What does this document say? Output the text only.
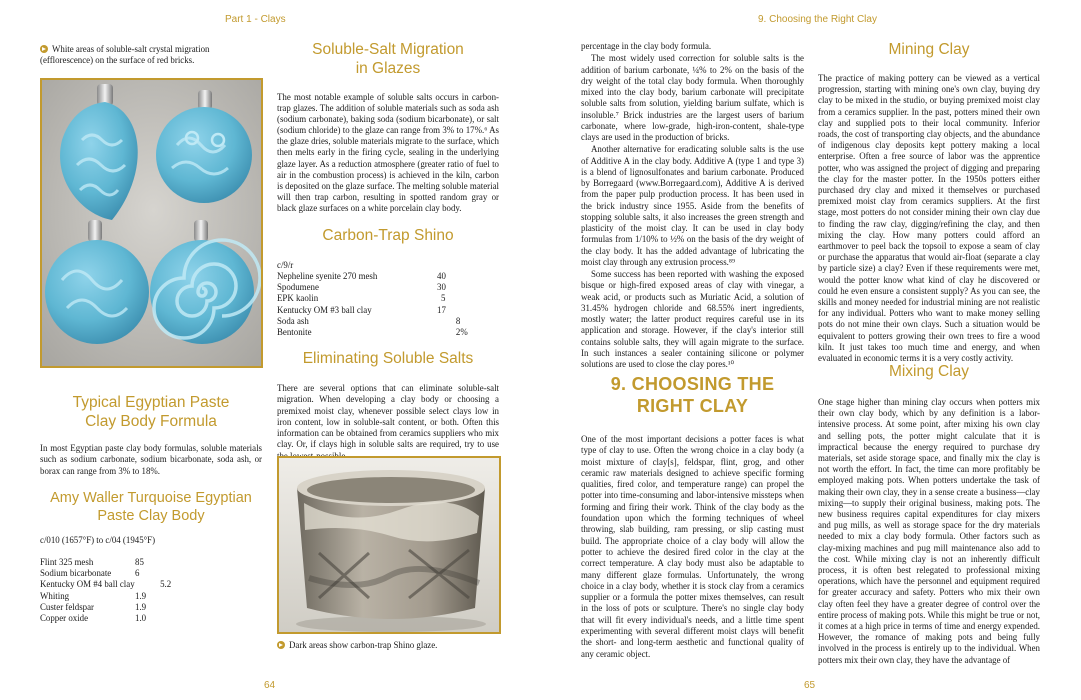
Part 1 - Clays	9. Choosing the Right Clay
White areas of soluble-salt crystal migration (efflorescence) on the surface of red bricks.
Typical Egyptian Paste
Clay Body Formula
In most Egyptian paste clay body formulas, soluble materials such as sodium carbonate, sodium bicarbonate, soda ash, or borax can range from 3% to 18%.
Amy Waller Turquoise Egyptian
Paste Clay Body
c/010 (1657°F) to c/04 (1945°F)
Flint 325 mesh	85	
Sodium bicarbonate	6	
Kentucky OM #4 ball clay		5.2
Whiting	1.9	
Custer feldspar	1.9	
Copper oxide	1.0	
Soluble-Salt Migration
in Glazes
The most notable example of soluble salts occurs in carbon-trap glazes. The addition of soluble materials such as soda ash (sodium carbonate), baking soda (sodium bicarbonate), or salt (sodium chloride) to the glaze can range from 3% to 17%.⁶ As the glaze dries, soluble materials migrate to the surface, which then melts early in the firing cycle, sealing in the underlying glaze layer. As a reduction atmosphere (greater ratio of fuel to air in the combustion process) is achieved in the kiln, carbon is deposited on the glaze surface. The melting soluble material will then trap carbon, resulting in spotted random gray or black glaze surfaces on a white porcelain clay body.
Carbon-Trap Shino
c/9/r
Nepheline syenite 270 mesh	40	
Spodumene	30	
EPK kaolin	5	
Kentucky OM #3 ball clay	17	
Soda ash		8
Bentonite		2%
Eliminating Soluble Salts
There are several options that can eliminate soluble-salt migration. When developing a clay body or choosing a premixed moist clay, whenever possible select clays low in iron content, low in soluble-salt content, or both. Often this information can be obtained from ceramics suppliers who mix clay. Or, if clays high in soluble salts are required, try to use
Dark areas show carbon-trap Shino glaze.

percentage in the clay body formula.

The most widely used correction for soluble salts is the addition of barium carbonate, ¼% to 2% on the basis of the dry weight of the total clay body formula. When thoroughly mixed into the clay body, barium carbonate will precipitate soluble salts from solution, yielding barium sulfate, which is insoluble.⁷ Brick industries are the largest users of barium carbonate, where low-grade, high-iron-content, shale-type clays are used in the production of bricks.

Another alternative for eradicating soluble salts is the use of Additive A in the clay body. Additive A (type 1 and type 3) is a blend of lignosulfonates and barium carbonate. Produced by Borregaard (www.Borregaard.com), Additive A is derived from the paper pulp production process. It has been used in the brick industry since 1955. Aside from the benefits of stopping soluble salts, it also increases the green strength and plasticity of the moist clay. It can be used in clay body formulas from 1/10% to ½% on the basis of the dry weight of the clay body. It has the added advantage of lubricating the moist clay through any extrusion process.⁸⁹

Some success has been reported with washing the exposed bisque or high-fired exposed areas of clay with vinegar, a weak acid, or products such as Muriatic Acid, a solution of 31.45% hydrogen chloride and 68.55% inert ingredients, mostly water; the latter product requires careful use in its application and storage. However, if the clay's interior still contains soluble salts, they will again migrate to the surface. In such instances a sealer containing silicone or polymer solutions are used to close the clay pores.¹⁰

9. CHOOSING THE
RIGHT CLAY
One of the most important decisions a potter faces is what type of clay to use. Often the wrong choice in a clay body (a moist mixture of clay[s], feldspar, flint, grog, and other ceramic raw materials designed to achieve specific forming qualities, fired color, and temperature range) can propel the potter into time-consuming and labor-intensive missteps when forming and firing their work. Think of the clay body as the foundation upon which the forming techniques of wheel throwing, slab building, ram pressing, or slip casting must build. The appropriate choice of a clay body will allow the potter to achieve the desired fired color in the clay at the correct temperature. A clay body must also be adaptable to many different glaze formulas. Unfortunately, the wrong choice in a clay body, whether it is stock clay from a ceramics supplier or a formula the potter mixes themselves, can result in the loss of pots or sculpture. There's no single clay body that will fit every individual's needs, and a little time spent experimenting with several different moist clays will benefit the short- and long-term aesthetic and functional quality of any ceramic object.
Mining Clay
The practice of making pottery can be viewed as a vertical progression, starting with mining one's own clay, buying dry clay to be mixed in the studio, or buying premixed moist clay from a ceramics supplier. In the past, potters mined their own clay and supplied pots to their local community. Inferior roads, the cost of transporting clay objects, and the abundance of indigenous clay deposits kept pottery making a local enterprise. Often a free source of labor was the apprentice potter, who was assigned the project of digging and preparing the clay for the master potter. In the 1950s potters either purchased dry clay and mixed it themselves or purchased premixed moist clay from ceramics suppliers. At the first stage, most potters do not consider mining their own clay due to finding the raw clay, digging/refining the clay, and then mixing the clay. How many potters could afford an earthmover to peel back the topsoil to expose a seam of clay or purchase the apparatus that would air-float (separate a clay by particle size) a clay? Even if these requirements were met, would the potter know what kind of clay he discovered or could he even ensure a consistent supply? As you can see, the skills and money needed for industrial mining are not realistic for any individual. Potters who want to make money selling pots do not mine their own clays. Such a situation would be equivalent to potters growing their own trees to fire a wood kiln. It just takes too much time and energy, and when evaluated in economic terms it is a very costly activity.
Mixing Clay
One stage higher than mining clay occurs when potters mix their own clay body, which by any definition is a labor-intensive process. At some point, after mixing his own clay and selling pots, the potter might calculate that it is impractical because the energy required to purchase dry materials, set aside storage space, and finally mix the clay is not worth the effort. In fact, the time can more profitably be employed making pots. When potters undertake the task of making their own clay, they in a sense create a business—clay mixing—to supply their original business, making pots. The new business requires capital expenditures for clay mixers and pug mills, as well as storage space for the dry materials needed to mix a clay body formula. Other factors such as clay-mixing machines and pug mill maintenance also add to the cost. While mixing clay is not an inherently difficult process, it is often best relegated to professional mixing operations, which have the personnel and equipment required for greater accuracy and safety. Potters who mix their own clay often feel they have a greater degree of control over the entire process of making pots. While this might be true or not, it comes at a high price in terms of time and energy expended. However, the romance of making pots and being fully involved in the process is entirely up to the individual. When potters mix their own clay, they have the advantage of
64	65
